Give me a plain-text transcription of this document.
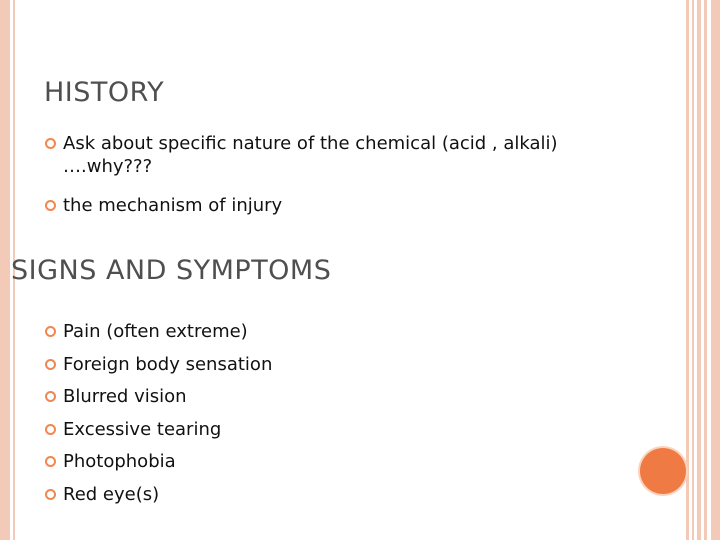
HISTORY
Ask about specific nature of the chemical (acid , alkali) ….why???
the mechanism of injury
SIGNS AND SYMPTOMS
Pain (often extreme)
Foreign body sensation
Blurred vision
Excessive tearing
Photophobia
Red eye(s)
